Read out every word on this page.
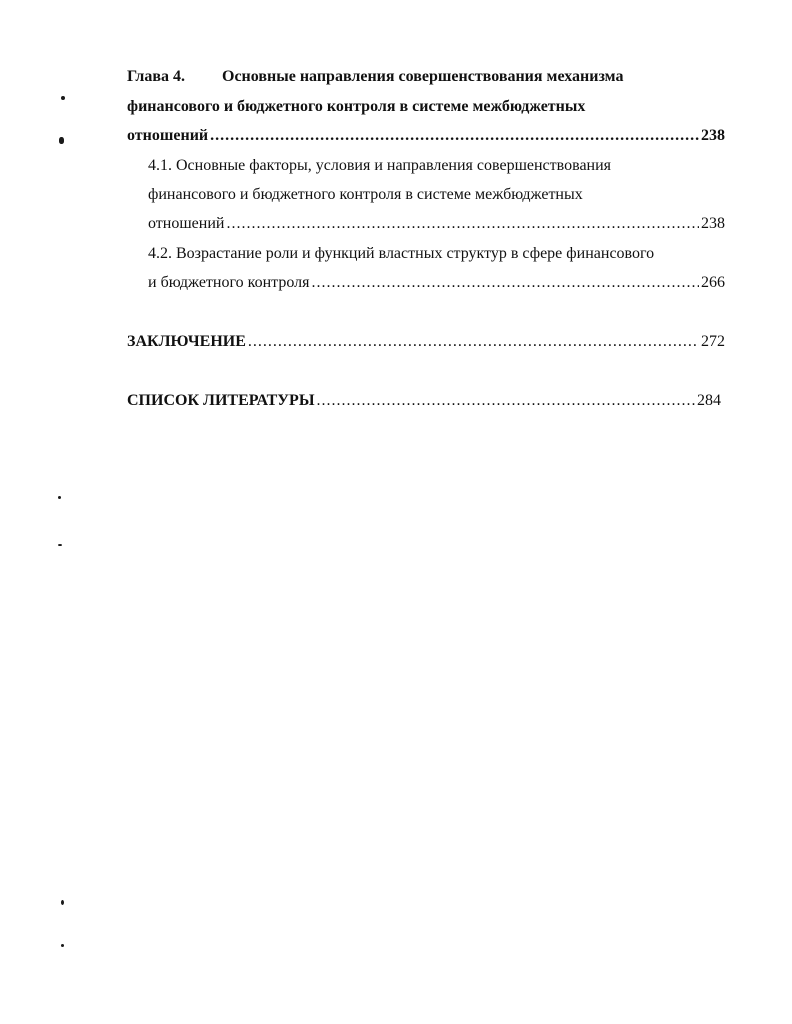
Глава 4. Основные направления совершенствования механизма
финансового и бюджетного контроля в системе межбюджетных
отношений .....	238
4.1. Основные факторы, условия и направления совершенствования
финансового и бюджетного контроля в системе межбюджетных
отношений .....	238
4.2. Возрастание роли и функций властных структур в сфере финансового
и бюджетного контроля .....	266
ЗАКЛЮЧЕНИЕ .....	272
СПИСОК ЛИТЕРАТУРЫ .....	284
